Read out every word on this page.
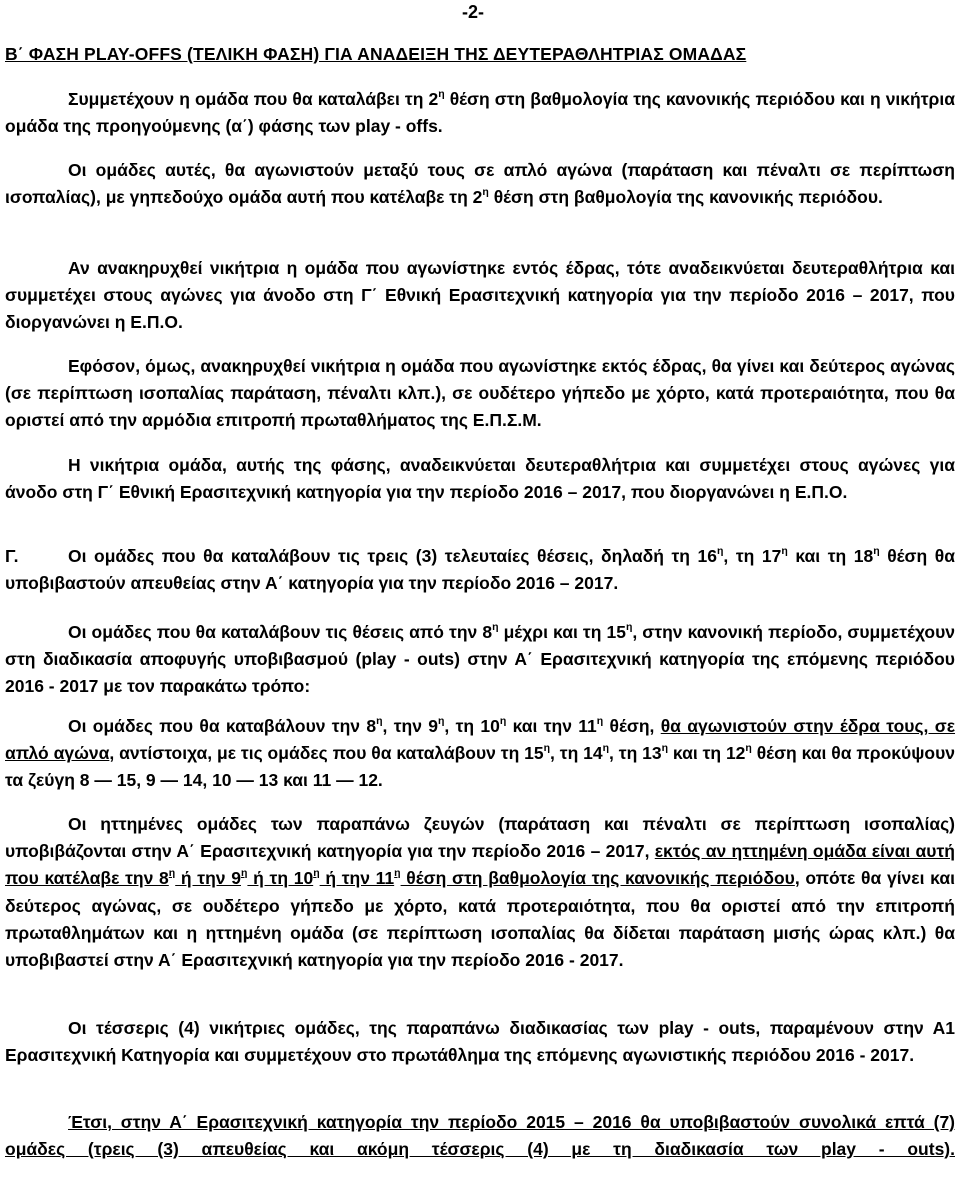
-2-
Β΄ ΦΑΣΗ PLAY-OFFS (ΤΕΛΙΚΗ ΦΑΣΗ) ΓΙΑ ΑΝΑΔΕΙΞΗ ΤΗΣ ΔΕΥΤΕΡΑΘΛΗΤΡΙΑΣ ΟΜΑΔΑΣ

Συμμετέχουν η ομάδα που θα καταλάβει τη $2^\eta$ θέση στη βαθμολογία της κανονικής περιόδου και η νικήτρια ομάδα της προηγούμενης (α΄) φάσης των play - offs.

Οι ομάδες αυτές, θα αγωνιστούν μεταξύ τους σε απλό αγώνα (παράταση και πέναλτι σε περίπτωση ισοπαλίας), με γηπεδούχο ομάδα αυτή που κατέλαβε τη $2^\eta$ θέση στη βαθμολογία της κανονικής περιόδου.

Αν ανακηρυχθεί νικήτρια η ομάδα που αγωνίστηκε εντός έδρας, τότε αναδεικνύεται δευτεραθλήτρια και συμμετέχει στους αγώνες για άνοδο στη Γ΄ Εθνική Ερασιτεχνική κατηγορία για την περίοδο 2016 – 2017, που διοργανώνει η Ε.Π.Ο.

Εφόσον, όμως, ανακηρυχθεί νικήτρια η ομάδα που αγωνίστηκε εκτός έδρας, θα γίνει και δεύτερος αγώνας (σε περίπτωση ισοπαλίας παράταση, πέναλτι κλπ.), σε ουδέτερο γήπεδο με χόρτο, κατά προτεραιότητα, που θα οριστεί από την αρμόδια επιτροπή πρωταθλήματος της Ε.Π.Σ.Μ.

Η νικήτρια ομάδα, αυτής της φάσης, αναδεικνύεται δευτεραθλήτρια και συμμετέχει στους αγώνες για άνοδο στη Γ΄ Εθνική Ερασιτεχνική κατηγορία για την περίοδο 2016 – 2017, που διοργανώνει η Ε.Π.Ο.

Γ.	Οι ομάδες που θα καταλάβουν τις τρεις (3) τελευταίες θέσεις, δηλαδή τη $16^\eta$, τη $17^\eta$ και τη $18^\eta$ θέση θα υποβιβαστούν απευθείας στην Α΄ κατηγορία για την περίοδο 2016 – 2017.

Οι ομάδες που θα καταλάβουν τις θέσεις από την $8^\eta$ μέχρι και τη $15^\eta$, στην κανονική περίοδο, συμμετέχουν στη διαδικασία αποφυγής υποβιβασμού (play - outs) στην Α΄ Ερασιτεχνική κατηγορία της επόμενης περιόδου 2016 - 2017 με τον παρακάτω τρόπο:

Οι ομάδες που θα καταβάλουν την $8^\eta$, την $9^\eta$, τη $10^\eta$ και την $11^\eta$ θέση, θα αγωνιστούν στην έδρα τους, σε απλό αγώνα, αντίστοιχα, με τις ομάδες που θα καταλάβουν τη $15^\eta$, τη $14^\eta$, τη $13^\eta$ και τη $12^\eta$ θέση και θα προκύψουν τα ζεύγη 8 — 15, 9 — 14, 10 — 13 και 11 — 12.

Οι ηττημένες ομάδες των παραπάνω ζευγών (παράταση και πέναλτι σε περίπτωση ισοπαλίας) υποβιβάζονται στην Α΄ Ερασιτεχνική κατηγορία για την περίοδο 2016 – 2017, εκτός αν ηττημένη ομάδα είναι αυτή που κατέλαβε την $8^\eta$ ή την $9^\eta$ ή τη $10^\eta$ ή την $11^\eta$ θέση στη βαθμολογία της κανονικής περιόδου, οπότε θα γίνει και δεύτερος αγώνας, σε ουδέτερο γήπεδο με χόρτο, κατά προτεραιότητα, που θα οριστεί από την επιτροπή πρωταθλημάτων και η ηττημένη ομάδα (σε περίπτωση ισοπαλίας θα δίδεται παράταση μισής ώρας κλπ.) θα υποβιβαστεί στην Α΄ Ερασιτεχνική κατηγορία για την περίοδο 2016 - 2017.

Οι τέσσερις (4) νικήτριες ομάδες, της παραπάνω διαδικασίας των play - outs, παραμένουν στην Α1 Ερασιτεχνική Κατηγορία και συμμετέχουν στο πρωτάθλημα της επόμενης αγωνιστικής περιόδου 2016 - 2017.

Έτσι, στην Α΄ Ερασιτεχνική κατηγορία την περίοδο 2015 – 2016 θα υποβιβαστούν συνολικά επτά (7) ομάδες (τρεις (3) απευθείας και ακόμη τέσσερις (4) με τη διαδικασία των play - outs).
